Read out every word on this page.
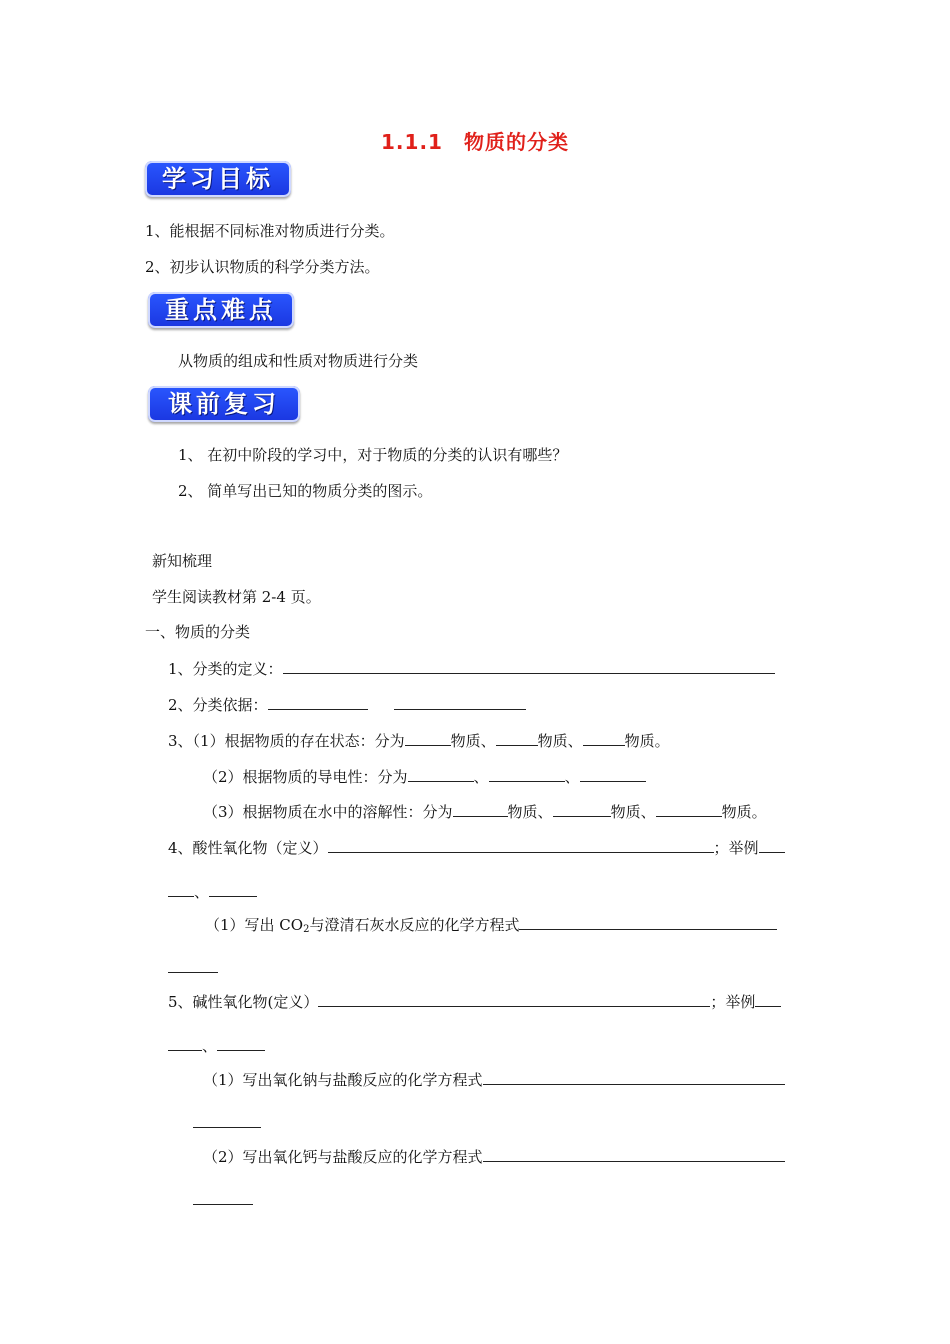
1.1.1　物质的分类
学习目标
1、能根据不同标准对物质进行分类。
2、初步认识物质的科学分类方法。
重点难点
从物质的组成和性质对物质进行分类
课前复习
1、 在初中阶段的学习中，对于物质的分类的认识有哪些？
2、 简单写出已知的物质分类的图示。
新知梳理
学生阅读教材第 2-4 页。
一、物质的分类
1、分类的定义：
2、分类依据：
3、（1）根据物质的存在状态：分为	物质、	物质、	物质。
（2）根据物质的导电性：分为	、	、
（3）根据物质在水中的溶解性：分为	物质、	物质、	物质。
4、酸性氧化物（定义）	；举例
、
（1）写出 $CO_2$与澄清石灰水反应的化学方程式
5、碱性氧化物(定义）	；举例
、
（1）写出氧化钠与盐酸反应的化学方程式
（2）写出氧化钙与盐酸反应的化学方程式
